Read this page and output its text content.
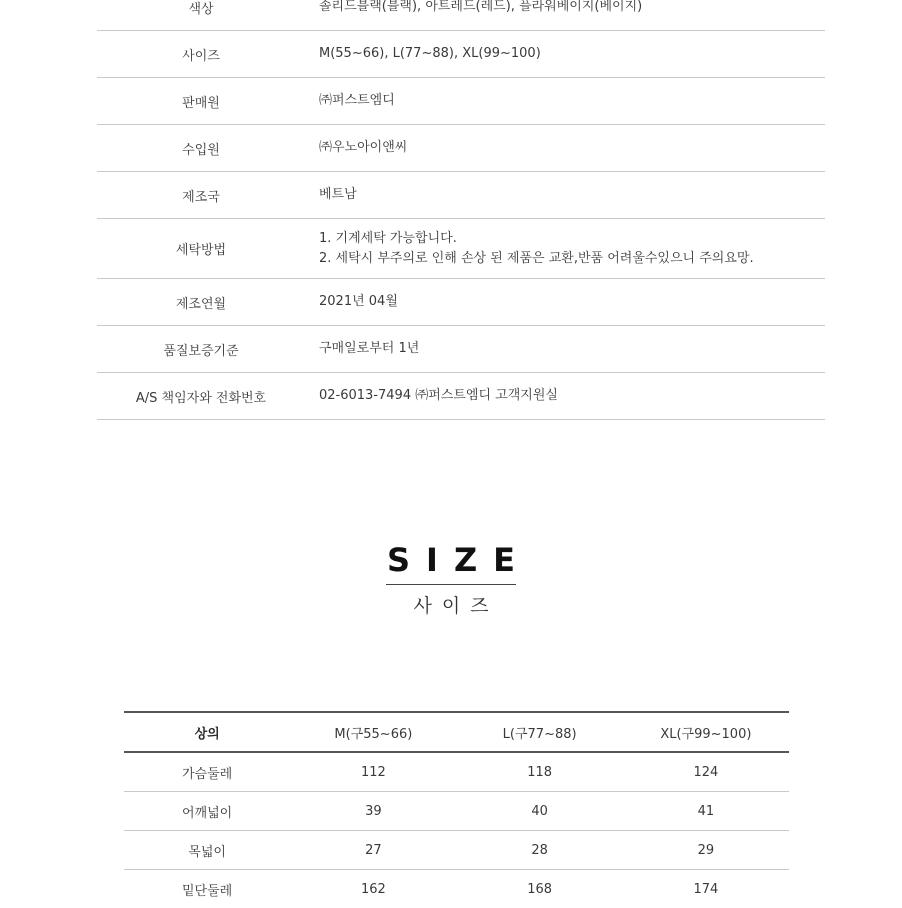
색상	솔리드블랙(블랙), 아트레드(레드), 플라워베이지(베이지)

사이즈	M(55~66), L(77~88), XL(99~100)

판매원	㈜퍼스트엠디

수입원	㈜우노아이앤씨

제조국	베트남

세탁방법	1. 기계세탁 가능합니다.
2. 세탁시 부주의로 인해 손상 된 제품은 교환,반품 어려울수있으니 주의요망.

제조연월	2021년 04월

품질보증기준	구매일로부터 1년

A/S 책임자와 전화번호	02-6013-7494 ㈜퍼스트엠디 고객지원실
SIZE
사이즈
상의	M(구55~66)	L(구77~88)	XL(구99~100)
가슴둘레	112	118	124
어깨넓이	39	40	41
목넓이	27	28	29
밑단둘레	162	168	174
